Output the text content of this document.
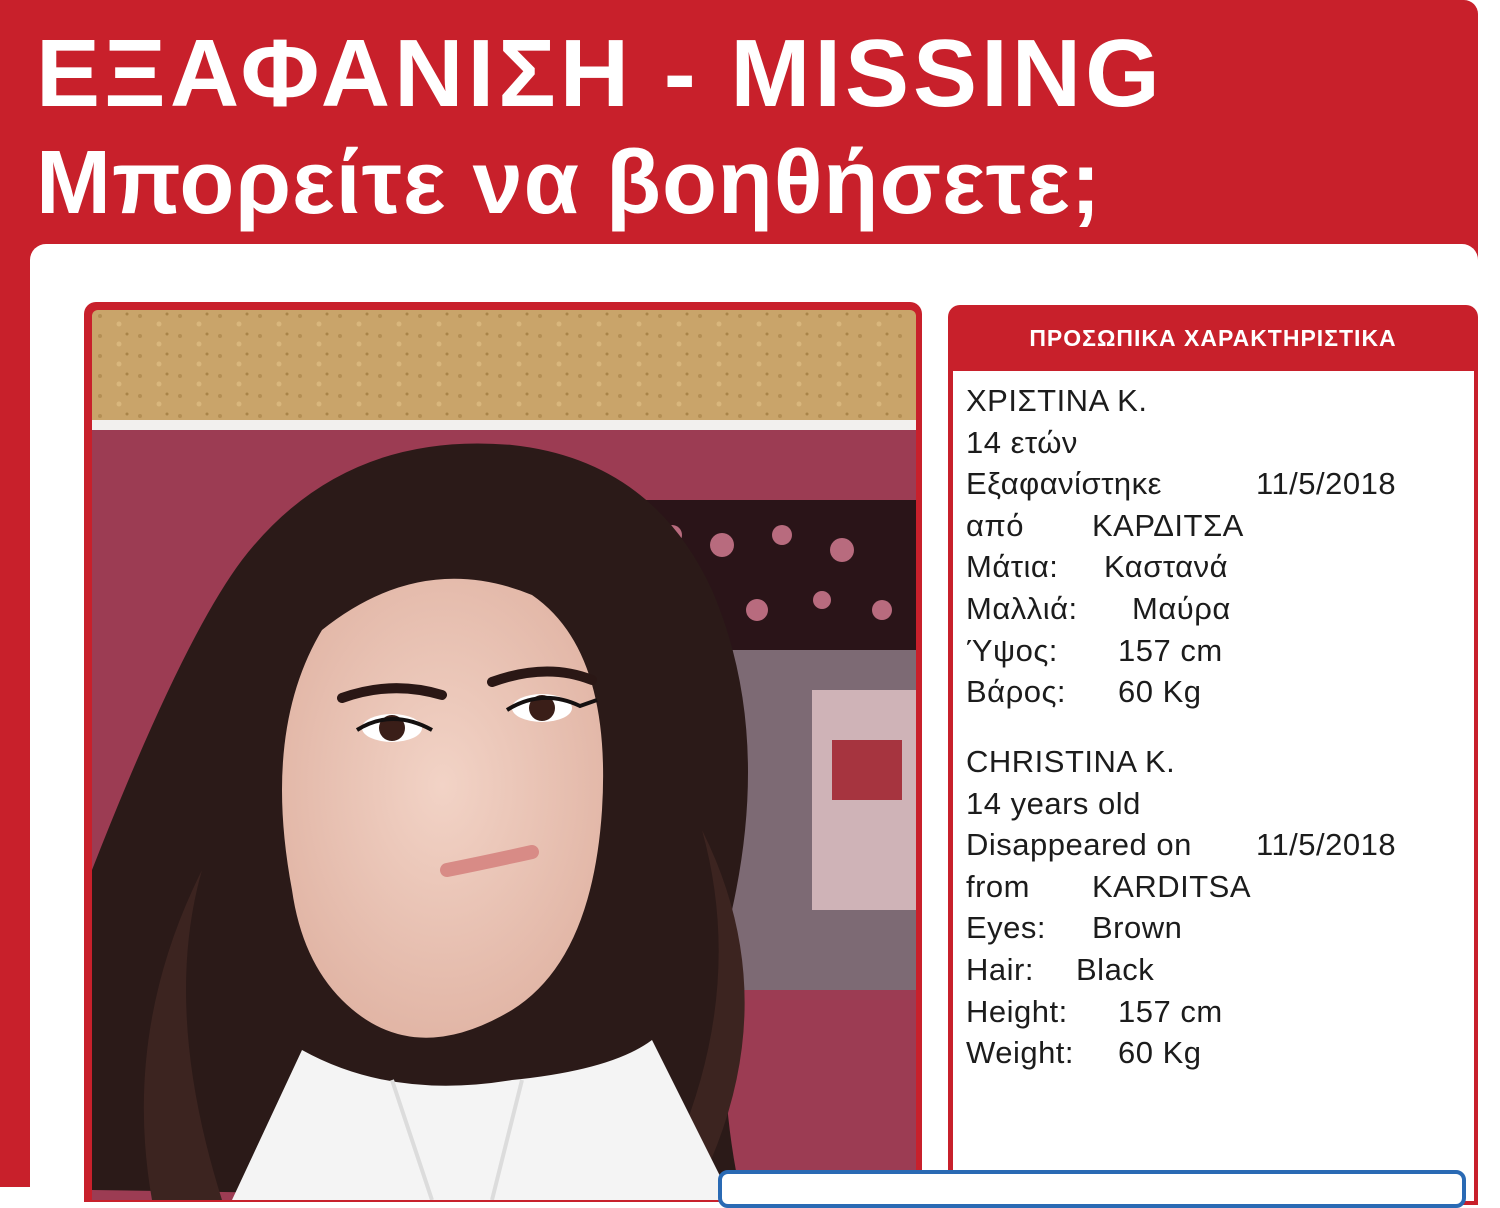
ΕΞΑΦΑΝΙΣΗ - MISSING
Μπορείτε να βοηθήσετε;
ΠΡΟΣΩΠΙΚΑ ΧΑΡΑΚΤΗΡΙΣΤΙΚΑ
ΧΡΙΣΤΙΝΑ Κ.
14 ετών
Εξαφανίστηκε	11/5/2018
από ΚΑΡΔΙΤΣΑ
Μάτια: Καστανά
Μαλλιά: Μαύρα
Ύψος: 157 cm
Βάρος: 60 Kg
CHRISTINA K.
14 years old
Disappeared on 11/5/2018
from KARDITSA
Eyes: Brown
Hair: Black
Height: 157 cm
Weight: 60 Kg
